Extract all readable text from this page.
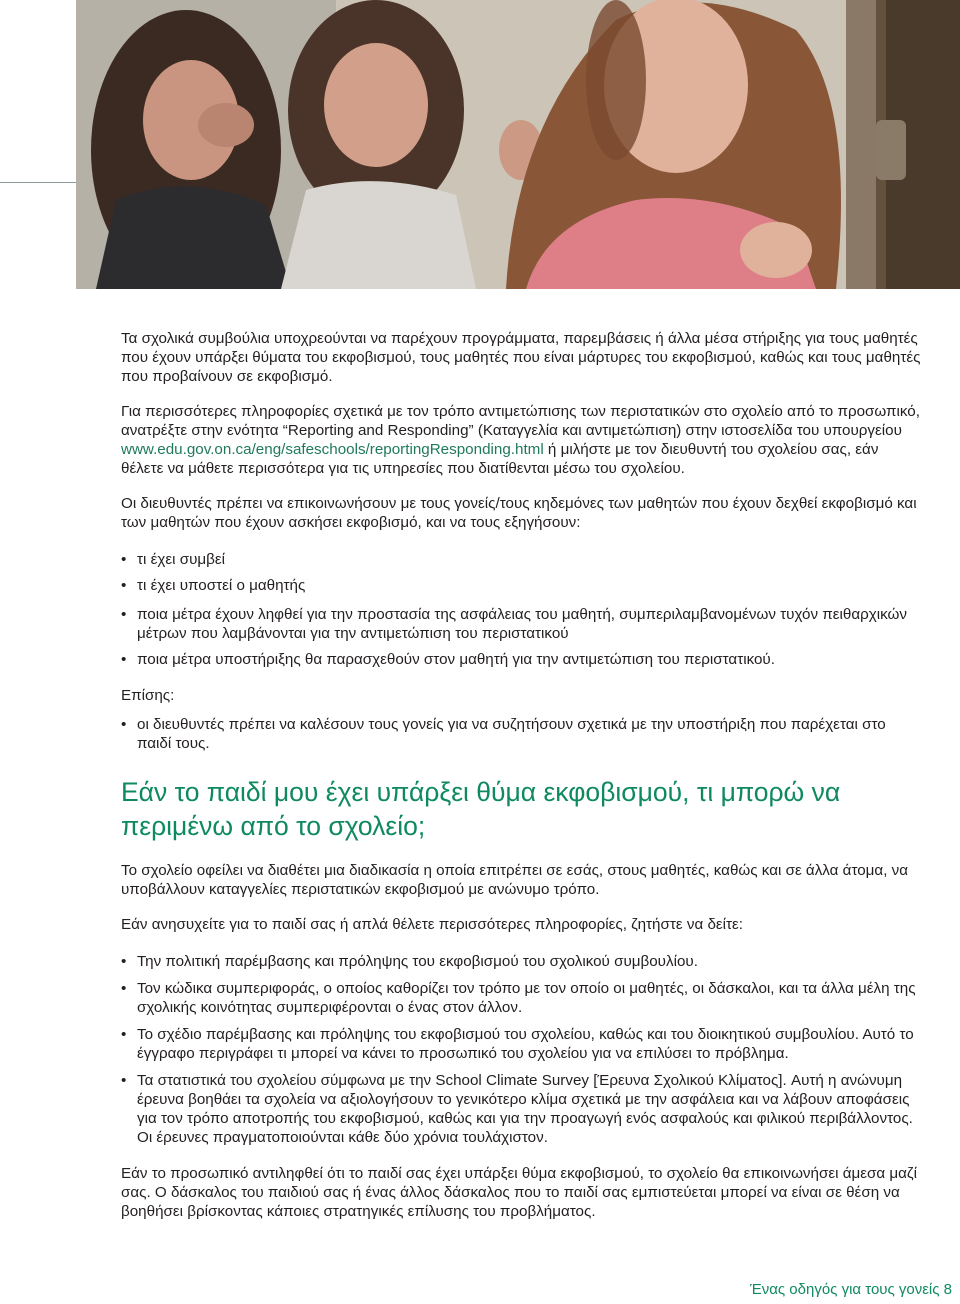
Τα σχολικά συμβούλια υποχρεούνται να παρέχουν προγράμματα, παρεμβάσεις ή άλλα μέσα στήριξης για τους μαθητές που έχουν υπάρξει θύματα του εκφοβισμού, τους μαθητές που είναι μάρτυρες του εκφοβισμού, καθώς και τους μαθητές που προβαίνουν σε εκφοβισμό.

Για περισσότερες πληροφορίες σχετικά με τον τρόπο αντιμετώπισης των περιστατικών στο σχολείο από το προσωπικό, ανατρέξτε στην ενότητα “Reporting and Responding” (Καταγγελία και αντιμετώπιση) στην ιστοσελίδα του υπουργείου www.edu.gov.on.ca/eng/safeschools/reportingResponding.html ή μιλήστε με τον διευθυντή του σχολείου σας, εάν θέλετε να μάθετε περισσότερα για τις υπηρεσίες που διατίθενται μέσω του σχολείου.

Οι διευθυντές πρέπει να επικοινωνήσουν με τους γονείς/τους κηδεμόνες των μαθητών που έχουν δεχθεί εκφοβισμό και των μαθητών που έχουν ασκήσει εκφοβισμό, και να τους εξηγήσουν:

• τι έχει συμβεί
• τι έχει υποστεί ο μαθητής
• ποια μέτρα έχουν ληφθεί για την προστασία της ασφάλειας του μαθητή, συμπεριλαμβανομένων τυχόν πειθαρχικών μέτρων που λαμβάνονται για την αντιμετώπιση του περιστατικού
• ποια μέτρα υποστήριξης θα παρασχεθούν στον μαθητή για την αντιμετώπιση του περιστατικού.

Επίσης:

• οι διευθυντές πρέπει να καλέσουν τους γονείς για να συζητήσουν σχετικά με την υποστήριξη που παρέχεται στο παιδί τους.
Εάν το παιδί μου έχει υπάρξει θύμα εκφοβισμού, τι μπορώ να περιμένω από το σχολείο;

Το σχολείο οφείλει να διαθέτει μια διαδικασία η οποία επιτρέπει σε εσάς, στους μαθητές, καθώς και σε άλλα άτομα, να υποβάλλουν καταγγελίες περιστατικών εκφοβισμού με ανώνυμο τρόπο.

Εάν ανησυχείτε για το παιδί σας ή απλά θέλετε περισσότερες πληροφορίες, ζητήστε να δείτε:

• Την πολιτική παρέμβασης και πρόληψης του εκφοβισμού του σχολικού συμβουλίου.
• Τον κώδικα συμπεριφοράς, ο οποίος καθορίζει τον τρόπο με τον οποίο οι μαθητές, οι δάσκαλοι, και τα άλλα μέλη της σχολικής κοινότητας συμπεριφέρονται ο ένας στον άλλον.
• Το σχέδιο παρέμβασης και πρόληψης του εκφοβισμού του σχολείου, καθώς και του διοικητικού συμβουλίου. Αυτό το έγγραφο περιγράφει τι μπορεί να κάνει το προσωπικό του σχολείου για να επιλύσει το πρόβλημα.
• Τα στατιστικά του σχολείου σύμφωνα με την School Climate Survey [Έρευνα Σχολικού Κλίματος]. Αυτή η ανώνυμη έρευνα βοηθάει τα σχολεία να αξιολογήσουν το γενικότερο κλίμα σχετικά με την ασφάλεια και να λάβουν αποφάσεις για τον τρόπο αποτροπής του εκφοβισμού, καθώς και για την προαγωγή ενός ασφαλούς και φιλικού περιβάλλοντος. Οι έρευνες πραγματοποιούνται κάθε δύο χρόνια τουλάχιστον.

Εάν το προσωπικό αντιληφθεί ότι το παιδί σας έχει υπάρξει θύμα εκφοβισμού, το σχολείο θα επικοινωνήσει άμεσα μαζί σας. Ο δάσκαλος του παιδιού σας ή ένας άλλος δάσκαλος που το παιδί σας εμπιστεύεται μπορεί να είναι σε θέση να βοηθήσει βρίσκοντας κάποιες στρατηγικές επίλυσης του προβλήματος.

Ένας οδηγός για τους γονείς 8
